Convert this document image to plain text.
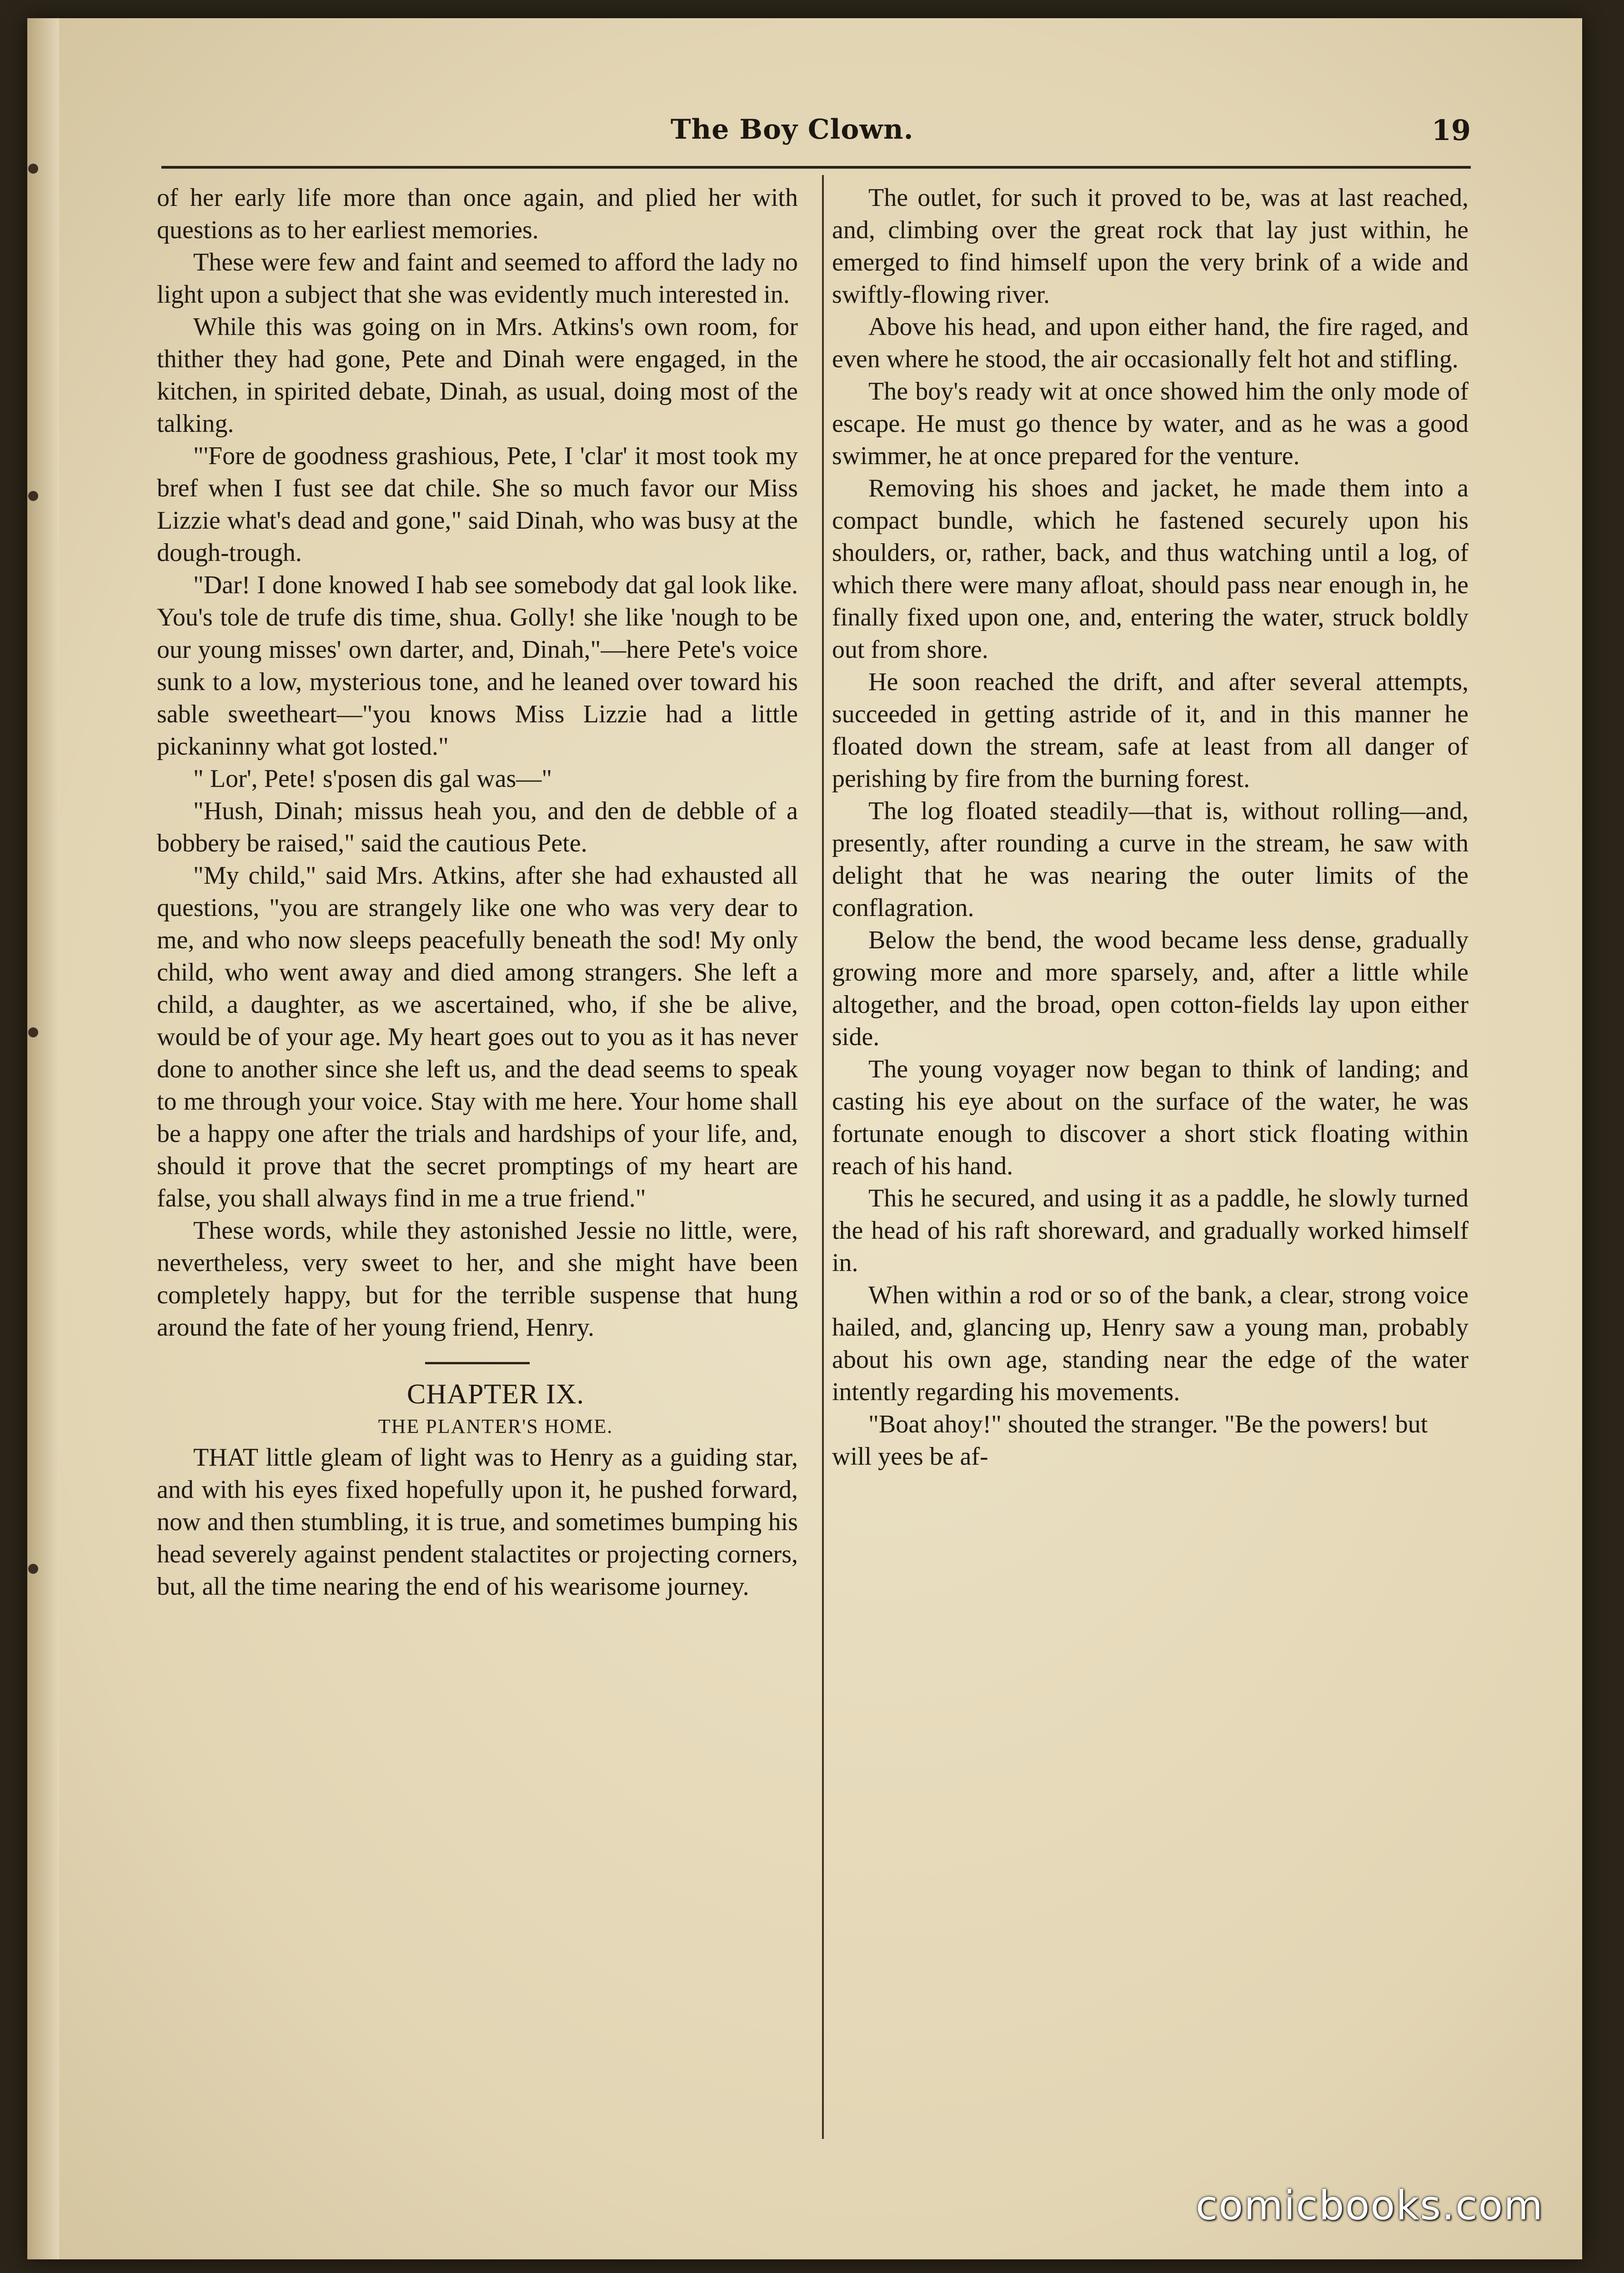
The Boy Clown.	19

of her early life more than once again, and plied her with questions as to her earliest memories.

These were few and faint and seemed to afford the lady no light upon a subject that she was evidently much interested in.

While this was going on in Mrs. Atkins's own room, for thither they had gone, Pete and Dinah were engaged, in the kitchen, in spirited debate, Dinah, as usual, doing most of the talking.

"'Fore de goodness grashious, Pete, I 'clar' it most took my bref when I fust see dat chile. She so much favor our Miss Lizzie what's dead and gone," said Dinah, who was busy at the dough-trough.

"Dar! I done knowed I hab see somebody dat gal look like. You's tole de trufe dis time, shua. Golly! she like 'nough to be our young misses' own darter, and, Dinah,"—here Pete's voice sunk to a low, mysterious tone, and he leaned over toward his sable sweetheart—"you knows Miss Lizzie had a little pickaninny what got losted."

" Lor', Pete! s'posen dis gal was—"

"Hush, Dinah; missus heah you, and den de debble of a bobbery be raised," said the cautious Pete.

"My child," said Mrs. Atkins, after she had exhausted all questions, "you are strangely like one who was very dear to me, and who now sleeps peacefully beneath the sod! My only child, who went away and died among strangers. She left a child, a daughter, as we ascertained, who, if she be alive, would be of your age. My heart goes out to you as it has never done to another since she left us, and the dead seems to speak to me through your voice. Stay with me here. Your home shall be a happy one after the trials and hardships of your life, and, should it prove that the secret promptings of my heart are false, you shall always find in me a true friend."

These words, while they astonished Jessie no little, were, nevertheless, very sweet to her, and she might have been completely happy, but for the terrible suspense that hung around the fate of her young friend, Henry.

CHAPTER IX.

THE PLANTER'S HOME.

THAT little gleam of light was to Henry as a guiding star, and with his eyes fixed hopefully upon it, he pushed forward, now and then stumbling, it is true, and sometimes bumping his head severely against pendent stalactites or projecting corners, but, all the time nearing the end of his wearisome journey.

The outlet, for such it proved to be, was at last reached, and, climbing over the great rock that lay just within, he emerged to find himself upon the very brink of a wide and swiftly-flowing river.

Above his head, and upon either hand, the fire raged, and even where he stood, the air occasionally felt hot and stifling.

The boy's ready wit at once showed him the only mode of escape. He must go thence by water, and as he was a good swimmer, he at once prepared for the venture.

Removing his shoes and jacket, he made them into a compact bundle, which he fastened securely upon his shoulders, or, rather, back, and thus watching until a log, of which there were many afloat, should pass near enough in, he finally fixed upon one, and, entering the water, struck boldly out from shore.

He soon reached the drift, and after several attempts, succeeded in getting astride of it, and in this manner he floated down the stream, safe at least from all danger of perishing by fire from the burning forest.

The log floated steadily—that is, without rolling—and, presently, after rounding a curve in the stream, he saw with delight that he was nearing the outer limits of the conflagration.

Below the bend, the wood became less dense, gradually growing more and more sparsely, and, after a little while altogether, and the broad, open cotton-fields lay upon either side.

The young voyager now began to think of landing; and casting his eye about on the surface of the water, he was fortunate enough to discover a short stick floating within reach of his hand.

This he secured, and using it as a paddle, he slowly turned the head of his raft shoreward, and gradually worked himself in.

When within a rod or so of the bank, a clear, strong voice hailed, and, glancing up, Henry saw a young man, probably about his own age, standing near the edge of the water intently regarding his movements.

"Boat ahoy!" shouted the stranger. "Be the powers! but will yees be af-

comicbooks.com
